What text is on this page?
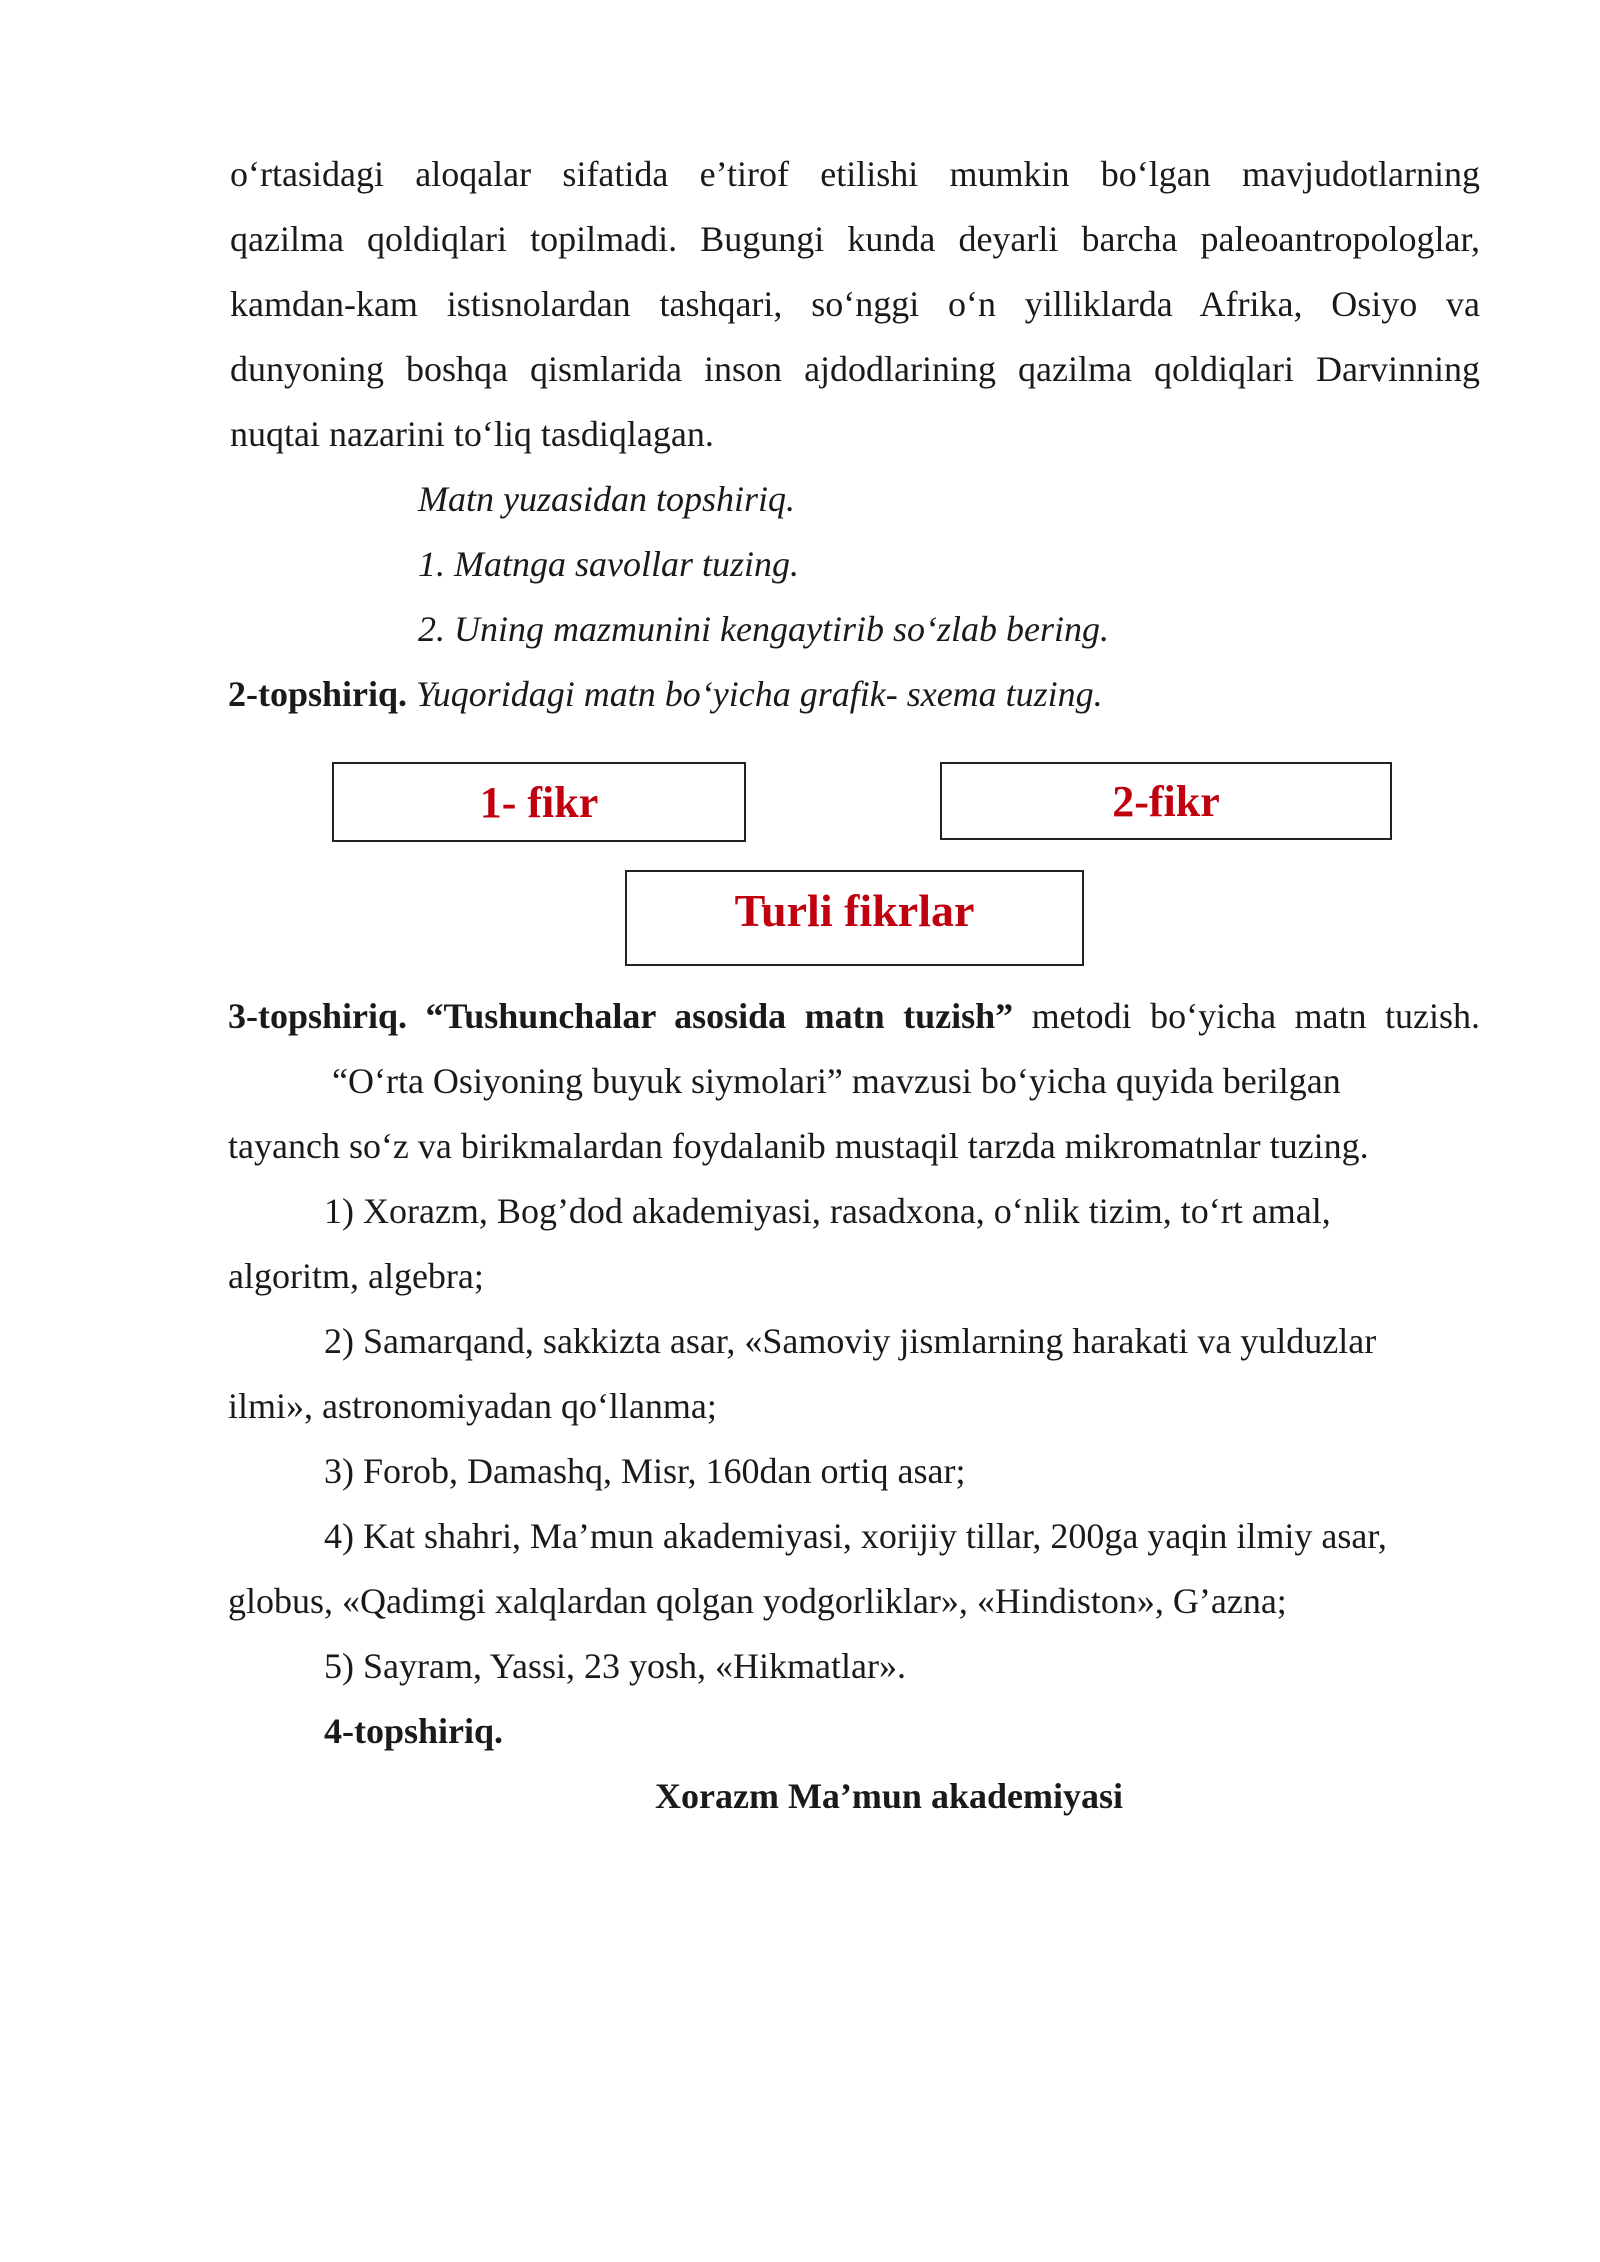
o‘rtasidagi aloqalar sifatida e’tirof etilishi mumkin bo‘lgan mavjudotlarning
qazilma qoldiqlari topilmadi. Bugungi kunda deyarli barcha paleoantropologlar,
kamdan-kam istisnolardan tashqari, so‘nggi o‘n yilliklarda Afrika, Osiyo va
dunyoning boshqa qismlarida inson ajdodlarining qazilma qoldiqlari Darvinning
nuqtai nazarini to‘liq tasdiqlagan.
Matn yuzasidan topshiriq.
1. Matnga savollar tuzing.
2. Uning mazmunini kengaytirib so‘zlab bering.
2-topshiriq. Yuqoridagi matn bo‘yicha grafik- sxema tuzing.
1- fikr	2-fikr
Turli fikrlar
3-topshiriq. “Tushunchalar asosida matn tuzish” metodi bo‘yicha matn tuzish.
“O‘rta Osiyoning buyuk siymolari” mavzusi bo‘yicha quyida berilgan
tayanch so‘z va birikmalardan foydalanib mustaqil tarzda mikromatnlar tuzing.
1) Xorazm, Bog’dod akademiyasi, rasadxona, o‘nlik tizim, to‘rt amal,
algoritm, algebra;
2) Samarqand, sakkizta asar, «Samoviy jismlarning harakati va yulduzlar
ilmi», astronomiyadan qo‘llanma;
3) Forob, Damashq, Misr, 160dan ortiq asar;
4) Kat shahri, Ma’mun akademiyasi, xorijiy tillar, 200ga yaqin ilmiy asar,
globus, «Qadimgi xalqlardan qolgan yodgorliklar», «Hindiston», G’azna;
5) Sayram, Yassi, 23 yosh, «Hikmatlar».
4-topshiriq.
Xorazm Ma’mun akademiyasi
